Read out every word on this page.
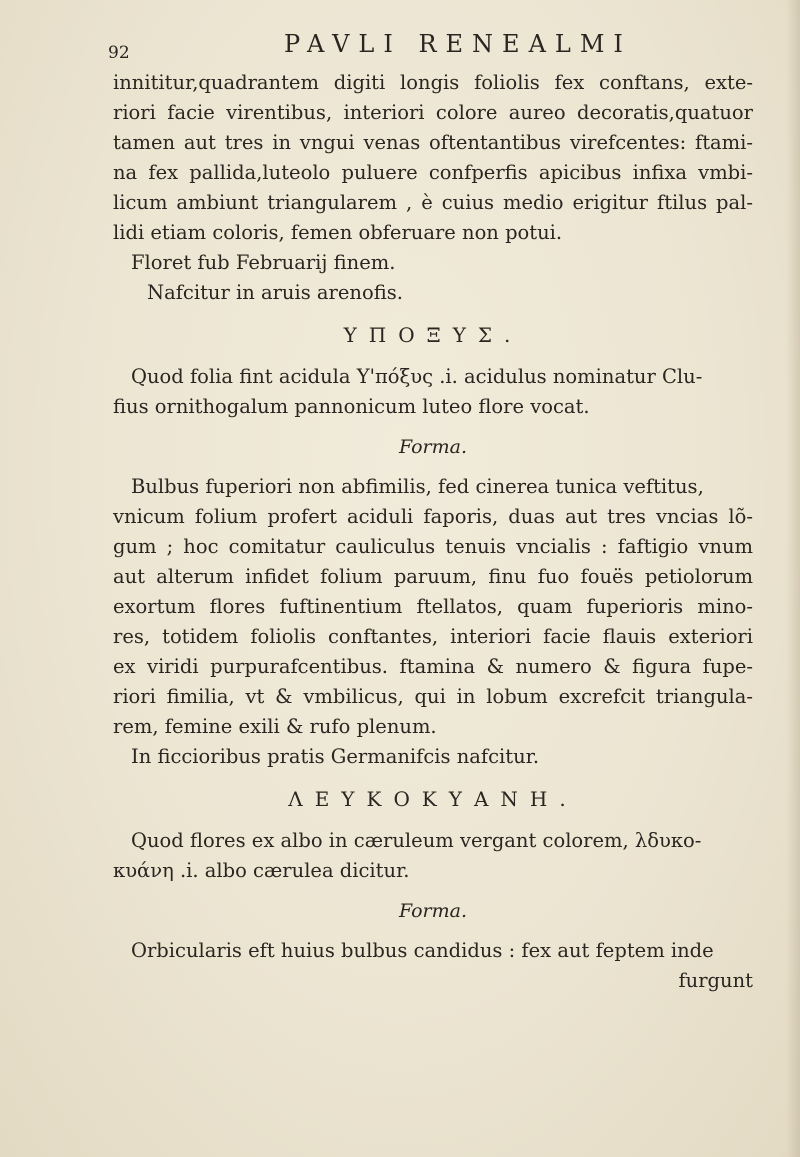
92	PAVLI RENEALMI
innititur,quadrantem digiti longis foliolis fex conftans, exte-
riori facie virentibus, interiori colore aureo decoratis,quatuor
tamen aut tres in vngui venas oftentantibus virefcentes: ftami-
na fex pallida,luteolo puluere confperfis apicibus infixa vmbi-
licum ambiunt triangularem , è cuius medio erigitur ftilus pal-
lidi etiam coloris, femen obferuare non potui.
Floret fub Februarij finem.
Nafcitur in aruis arenofis.
ΥΠΟΞΥΣ.
Quod folia fint acidula Υ'πόξυς .i. acidulus nominatur Clu-
fius ornithogalum pannonicum luteo flore vocat.
Forma.
Bulbus fuperiori non abfimilis, fed cinerea tunica veftitus,
vnicum folium profert aciduli faporis, duas aut tres vncias lõ-
gum ; hoc comitatur cauliculus tenuis vncialis : faftigio vnum
aut alterum infidet folium paruum, finu fuo fouës petiolorum
exortum flores fuftinentium ftellatos, quam fuperioris mino-
res, totidem foliolis conftantes, interiori facie flauis exteriori
ex viridi purpurafcentibus. ftamina & numero & figura fupe-
riori fimilia, vt & vmbilicus, qui in lobum excrefcit triangula-
rem, femine exili & rufo plenum.
In ficcioribus pratis Germanifcis nafcitur.
ΛΕΥΚΟΚΥΑΝΗ.
Quod flores ex albo in cæruleum vergant colorem, λδυκο-
κυάνη .i. albo cærulea dicitur.
Forma.
Orbicularis eft huius bulbus candidus : fex aut feptem inde
furgunt
